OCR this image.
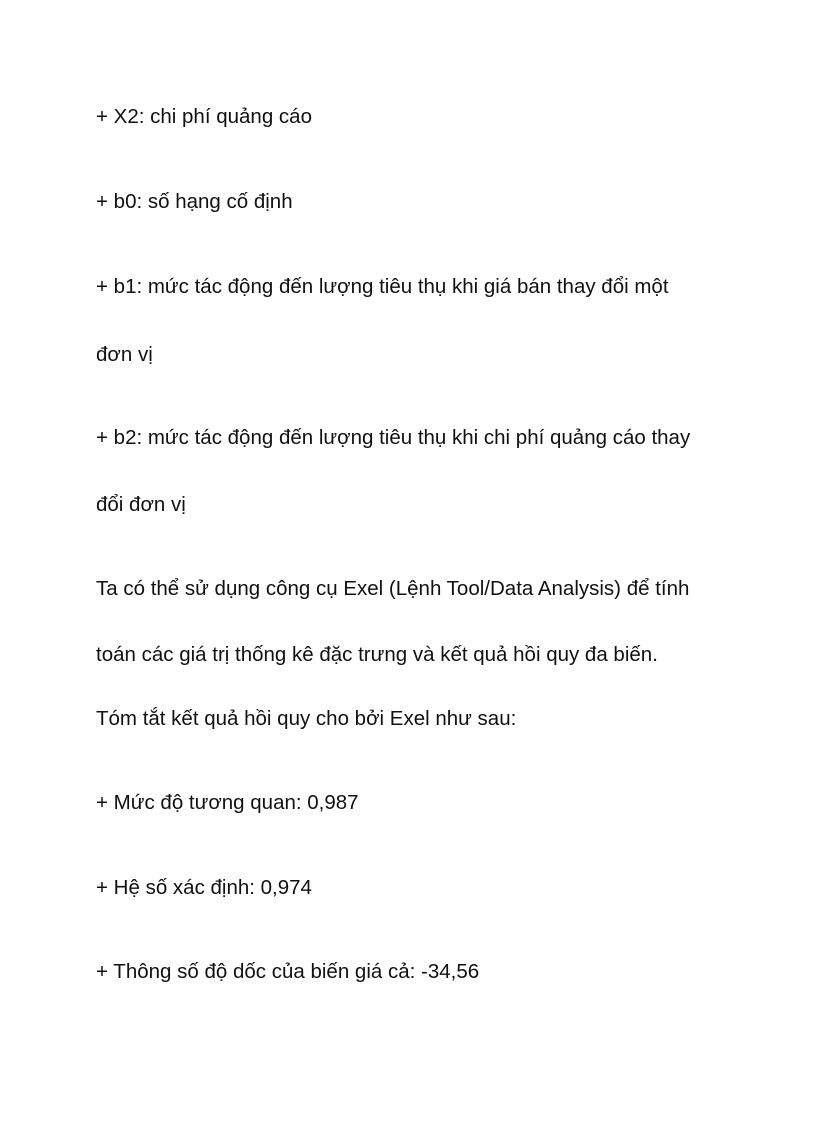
+ X2: chi phí quảng cáo
+ b0: số hạng cố định
+ b1: mức tác động đến lượng tiêu thụ khi giá bán thay đổi một
đơn vị
+ b2: mức tác động đến lượng tiêu thụ khi chi phí quảng cáo thay
đổi đơn vị
Ta có thể sử dụng công cụ Exel (Lệnh Tool/Data Analysis) để tính
toán các giá trị thống kê đặc trưng và kết quả hồi quy đa biến.
Tóm tắt kết quả hồi quy cho bởi Exel như sau:
+ Mức độ tương quan: 0,987
+ Hệ số xác định: 0,974
+ Thông số độ dốc của biến giá cả: -34,56
